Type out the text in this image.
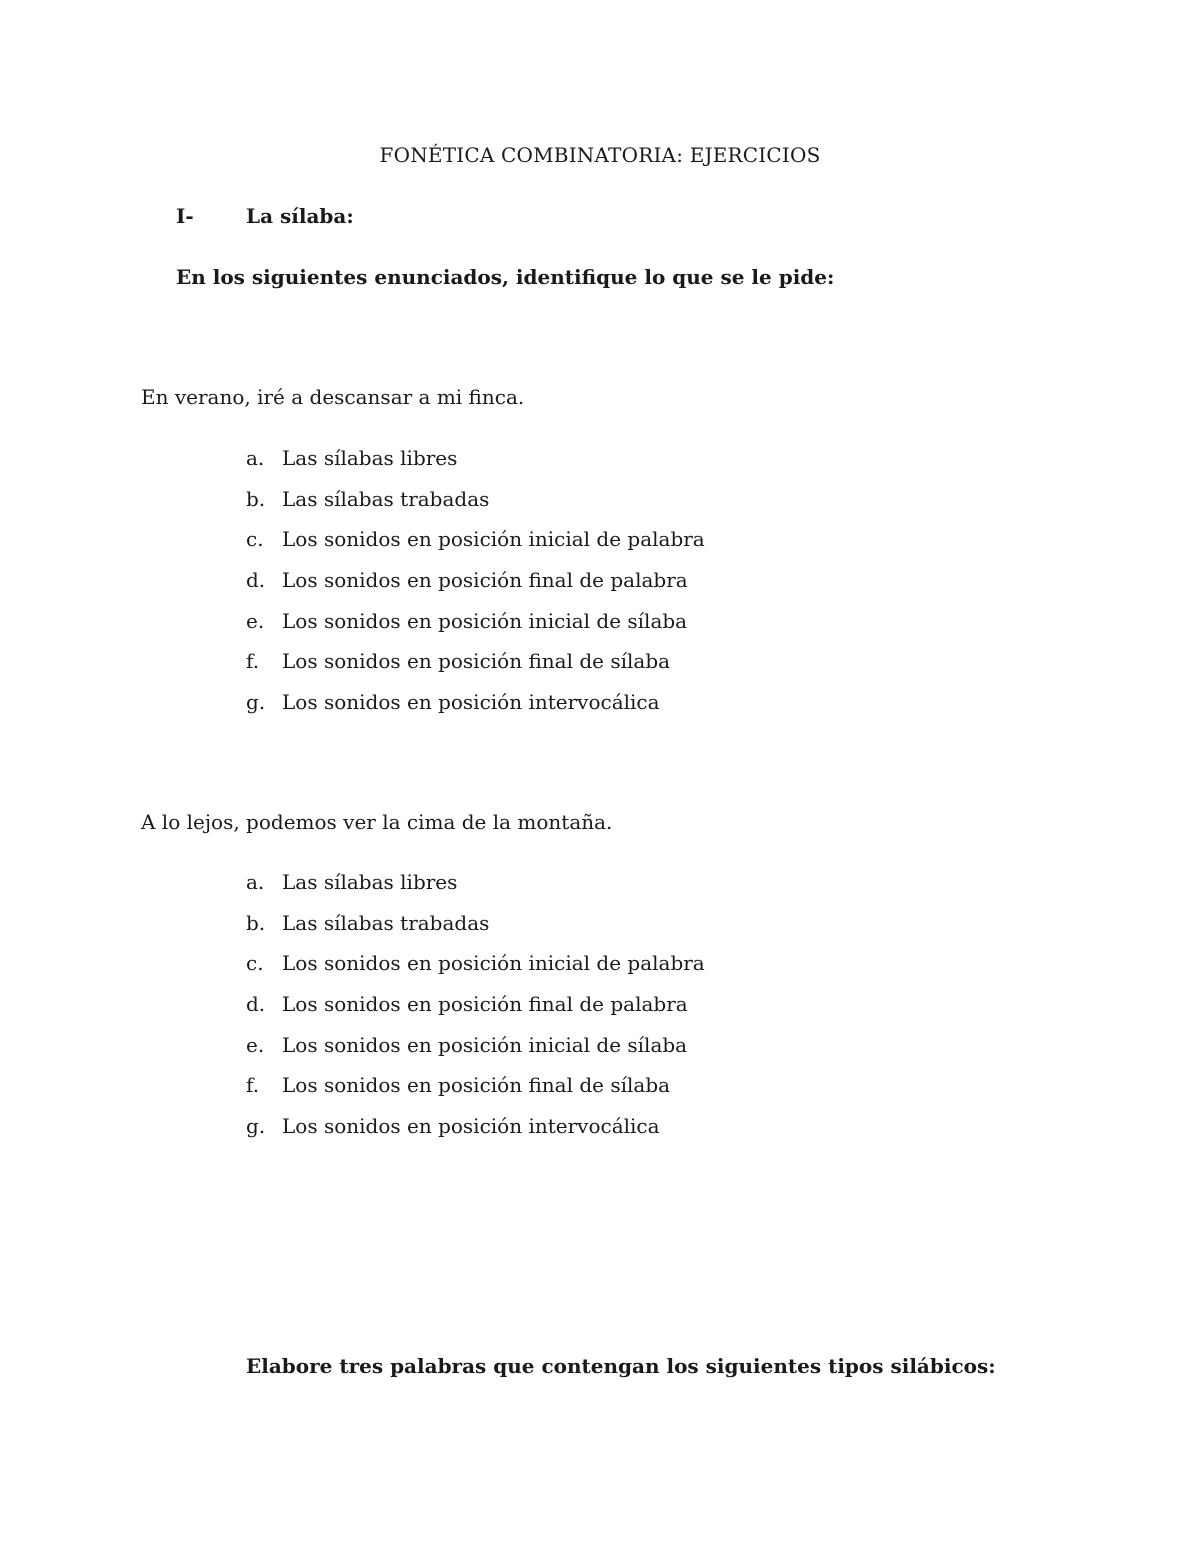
FONÉTICA COMBINATORIA: EJERCICIOS
I-	La sílaba:
En los siguientes enunciados, identifique lo que se le pide:
En verano, iré a descansar a mi finca.
a. Las sílabas libres
b. Las sílabas trabadas
c. Los sonidos en posición inicial de palabra
d. Los sonidos en posición final de palabra
e. Los sonidos en posición inicial de sílaba
f.	Los sonidos en posición final de sílaba
g. Los sonidos en posición intervocálica
A lo lejos, podemos ver la cima de la montaña.
a. Las sílabas libres
b. Las sílabas trabadas
c. Los sonidos en posición inicial de palabra
d. Los sonidos en posición final de palabra
e. Los sonidos en posición inicial de sílaba
f.	Los sonidos en posición final de sílaba
g. Los sonidos en posición intervocálica
Elabore tres palabras que contengan los siguientes tipos silábicos:
